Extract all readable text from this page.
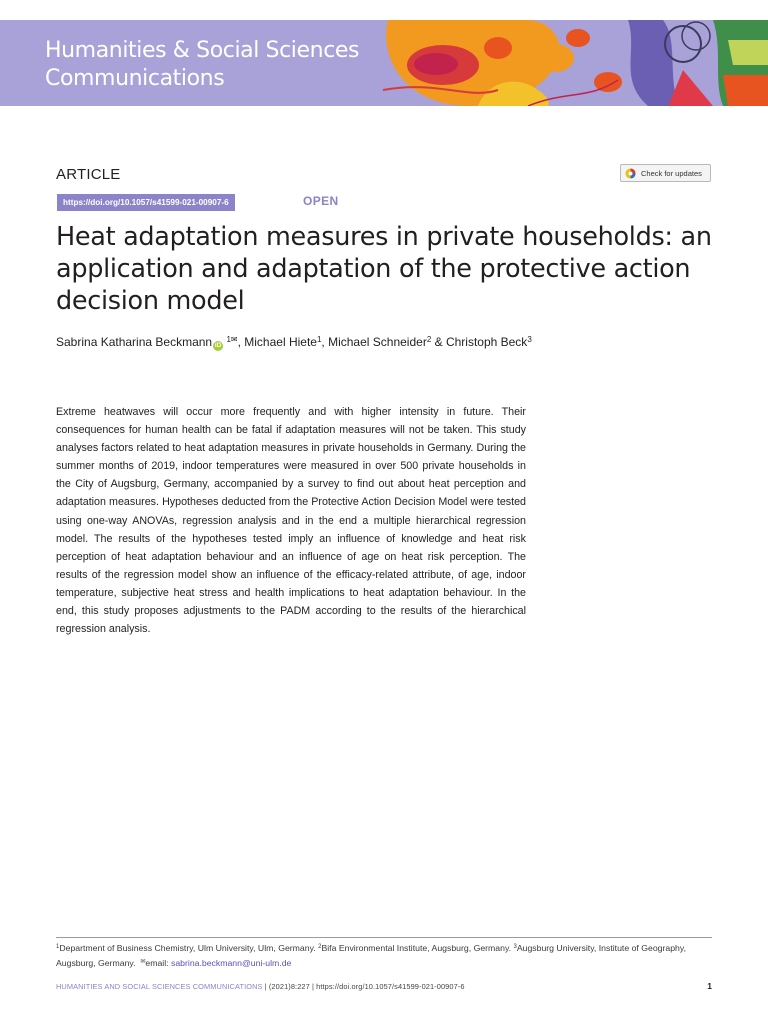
Humanities & Social Sciences
Communications
ARTICLE	Check for updates
https://doi.org/10.1057/s41599-021-00907-6	OPEN
Heat adaptation measures in private households: an application and adaptation of the protective action decision model
Sabrina Katharina Beckmann iD $^{1✉}$, Michael Hiete$^1$, Michael Schneider$^2$ & Christoph Beck$^3$

Extreme heatwaves will occur more frequently and with higher intensity in future. Their consequences for human health can be fatal if adaptation measures will not be taken. This study analyses factors related to heat adaptation measures in private households in Germany. During the summer months of 2019, indoor temperatures were measured in over 500 private households in the City of Augsburg, Germany, accompanied by a survey to find out about heat perception and adaptation measures. Hypotheses deducted from the Protective Action Decision Model were tested using one-way ANOVAs, regression analysis and in the end a multiple hierarchical regression model. The results of the hypotheses tested imply an influence of knowledge and heat risk perception of heat adaptation behaviour and an influence of age on heat risk perception. The results of the regression model show an influence of the efficacy-related attribute, of age, indoor temperature, subjective heat stress and health implications to heat adaptation behaviour. In the end, this study proposes adjustments to the PADM according to the results of the hierarchical regression analysis.

$^1$Department of Business Chemistry, Ulm University, Ulm, Germany. $^2$Bifa Environmental Institute, Augsburg, Germany. $^3$Augsburg University, Institute of Geography, Augsburg, Germany. ✉email: sabrina.beckmann@uni-ulm.de
HUMANITIES AND SOCIAL SCIENCES COMMUNICATIONS | (2021)8:227 | https://doi.org/10.1057/s41599-021-00907-6	1
